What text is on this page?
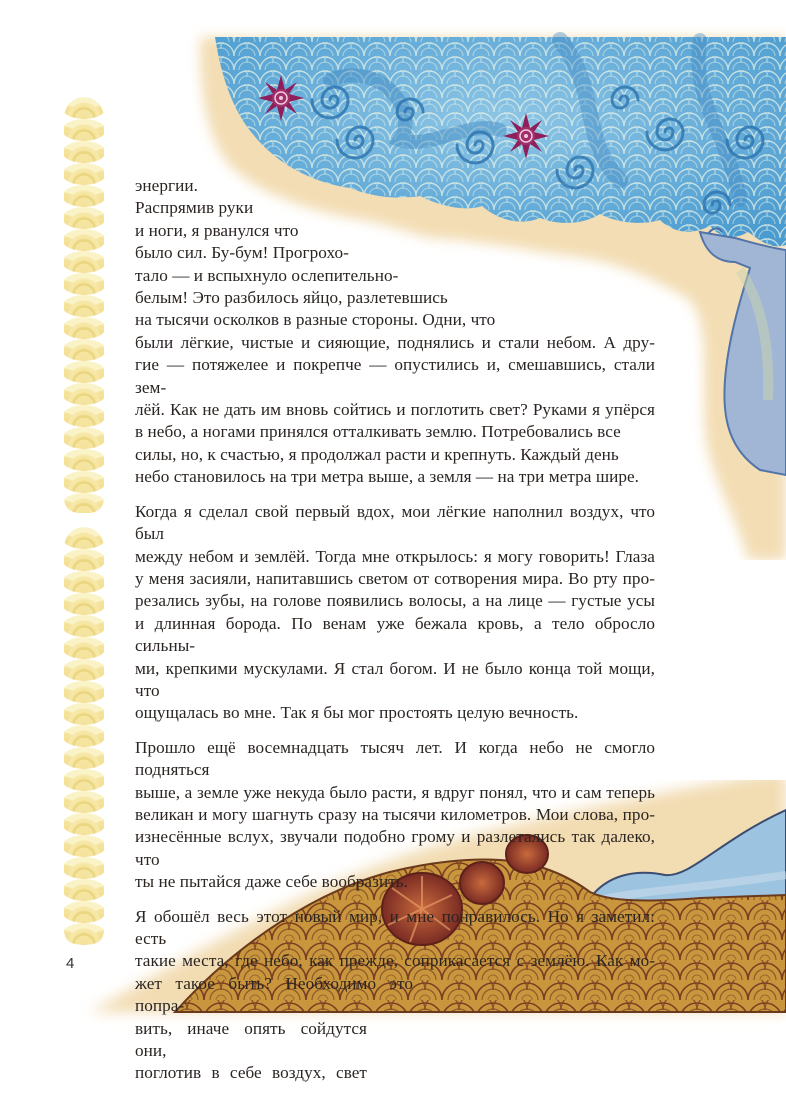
энергии.
Распрямив руки
и ноги, я рванулся что
было сил. Бу-бум! Прогрохо-
тало — и вспыхнуло ослепительно-
белым! Это разбилось яйцо, разлетевшись
на тысячи осколков в разные стороны. Одни, что
были лёгкие, чистые и сияющие, поднялись и стали небом. А дру-
гие — потяжелее и покрепче — опустились и, смешавшись, стали зем-
лёй. Как не дать им вновь сойтись и поглотить свет? Руками я упёрся
в небо, а ногами принялся отталкивать землю. Потребовались все
силы, но, к счастью, я продолжал расти и крепнуть. Каждый день
небо становилось на три метра выше, а земля — на три метра шире.
Когда я сделал свой первый вдох, мои лёгкие наполнил воздух, что был
между небом и землёй. Тогда мне открылось: я могу говорить! Глаза
у меня засияли, напитавшись светом от сотворения мира. Во рту про-
резались зубы, на голове появились волосы, а на лице — густые усы
и длинная борода. По венам уже бежала кровь, а тело обросло сильны-
ми, крепкими мускулами. Я стал богом. И не было конца той мощи, что
ощущалась во мне. Так я бы мог простоять целую вечность.
Прошло ещё восемнадцать тысяч лет. И когда небо не смогло подняться
выше, а земле уже некуда было расти, я вдруг понял, что и сам теперь
великан и могу шагнуть сразу на тысячи километров. Мои слова, про-
изнесённые вслух, звучали подобно грому и разлетались так далеко, что
ты не пытайся даже себе вообразить.
Я обошёл весь этот новый мир, и мне понравилось. Но я заметил: есть
такие места, где небо, как прежде, соприкасается с землёю. Как мо-
жет такое быть? Необходимо это попра-
вить, иначе опять сойдутся они,
поглотив в себе воздух, свет
4
